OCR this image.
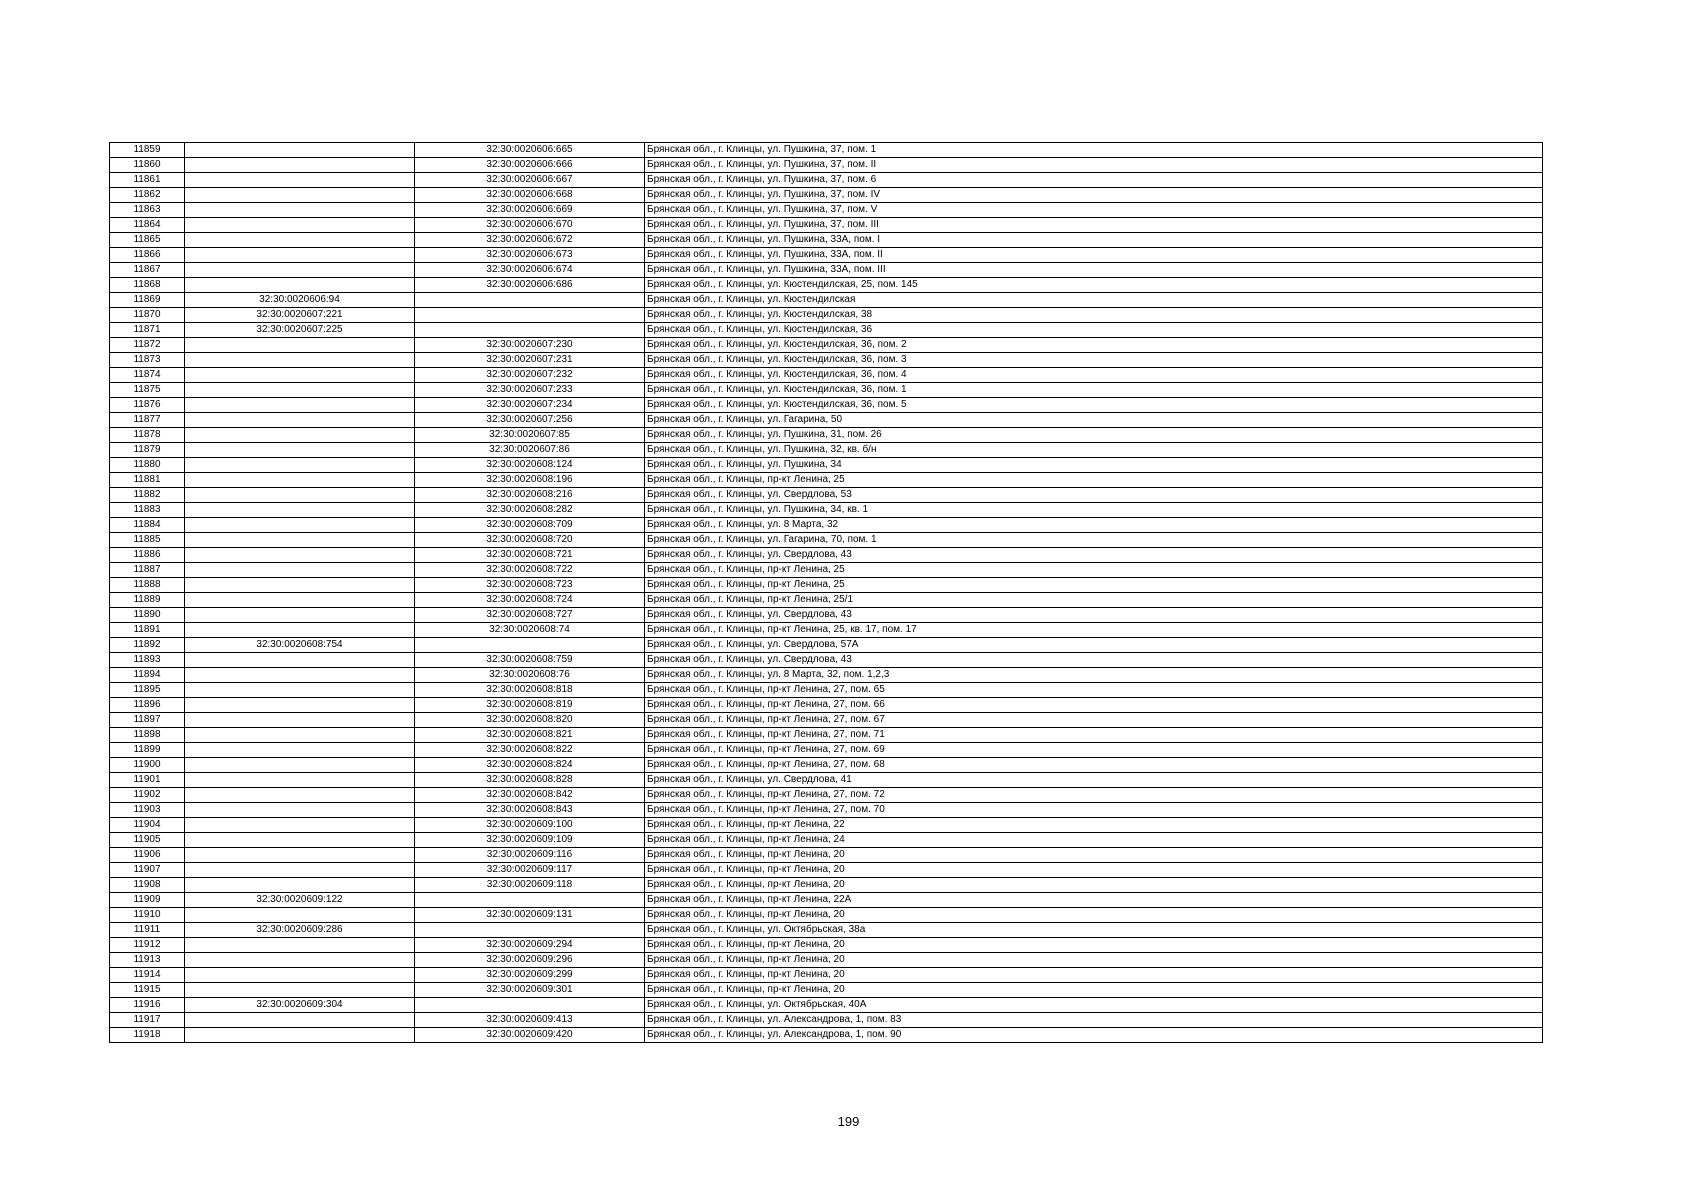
11859		32:30:0020606:665	Брянская обл., г. Клинцы, ул. Пушкина, 37, пом. 1
11860		32:30:0020606:666	Брянская обл., г. Клинцы, ул. Пушкина, 37, пом. II
11861		32:30:0020606:667	Брянская обл., г. Клинцы, ул. Пушкина, 37, пом. 6
11862		32:30:0020606:668	Брянская обл., г. Клинцы, ул. Пушкина, 37, пом. IV
11863		32:30:0020606:669	Брянская обл., г. Клинцы, ул. Пушкина, 37, пом. V
11864		32:30:0020606:670	Брянская обл., г. Клинцы, ул. Пушкина, 37, пом. III
11865		32:30:0020606:672	Брянская обл., г. Клинцы, ул. Пушкина, 33А, пом. I
11866		32:30:0020606:673	Брянская обл., г. Клинцы, ул. Пушкина, 33А, пом. II
11867		32:30:0020606:674	Брянская обл., г. Клинцы, ул. Пушкина, 33А, пом. III
11868		32:30:0020606:686	Брянская обл., г. Клинцы, ул. Кюстендилская, 25, пом. 145
11869	32:30:0020606:94		Брянская обл., г. Клинцы, ул. Кюстендилская
11870	32:30:0020607:221		Брянская обл., г. Клинцы, ул. Кюстендилская, 38
11871	32:30:0020607:225		Брянская обл., г. Клинцы, ул. Кюстендилская, 36
11872		32:30:0020607:230	Брянская обл., г. Клинцы, ул. Кюстендилская, 36, пом. 2
11873		32:30:0020607:231	Брянская обл., г. Клинцы, ул. Кюстендилская, 36, пом. 3
11874		32:30:0020607:232	Брянская обл., г. Клинцы, ул. Кюстендилская, 36, пом. 4
11875		32:30:0020607:233	Брянская обл., г. Клинцы, ул. Кюстендилская, 36, пом. 1
11876		32:30:0020607:234	Брянская обл., г. Клинцы, ул. Кюстендилская, 36, пом. 5
11877		32:30:0020607:256	Брянская обл., г. Клинцы, ул. Гагарина, 50
11878		32:30:0020607:85	Брянская обл., г. Клинцы, ул. Пушкина, 31, пом. 26
11879		32:30:0020607:86	Брянская обл., г. Клинцы, ул. Пушкина, 32, кв. б/н
11880		32:30:0020608:124	Брянская обл., г. Клинцы, ул. Пушкина, 34
11881		32:30:0020608:196	Брянская обл., г. Клинцы, пр-кт Ленина, 25
11882		32:30:0020608:216	Брянская обл., г. Клинцы, ул. Свердлова, 53
11883		32:30:0020608:282	Брянская обл., г. Клинцы, ул. Пушкина, 34, кв. 1
11884		32:30:0020608:709	Брянская обл., г. Клинцы, ул. 8 Марта, 32
11885		32:30:0020608:720	Брянская обл., г. Клинцы, ул. Гагарина, 70, пом. 1
11886		32:30:0020608:721	Брянская обл., г. Клинцы, ул. Свердлова, 43
11887		32:30:0020608:722	Брянская обл., г. Клинцы, пр-кт Ленина, 25
11888		32:30:0020608:723	Брянская обл., г. Клинцы, пр-кт Ленина, 25
11889		32:30:0020608:724	Брянская обл., г. Клинцы, пр-кт Ленина, 25/1
11890		32:30:0020608:727	Брянская обл., г. Клинцы, ул. Свердлова, 43
11891		32:30:0020608:74	Брянская обл., г. Клинцы, пр-кт Ленина, 25, кв. 17, пом. 17
11892	32:30:0020608:754		Брянская обл., г. Клинцы, ул. Свердлова, 57А
11893		32:30:0020608:759	Брянская обл., г. Клинцы, ул. Свердлова, 43
11894		32:30:0020608:76	Брянская обл., г. Клинцы, ул. 8 Марта, 32, пом. 1,2,3
11895		32:30:0020608:818	Брянская обл., г. Клинцы, пр-кт Ленина, 27, пом. 65
11896		32:30:0020608:819	Брянская обл., г. Клинцы, пр-кт Ленина, 27, пом. 66
11897		32:30:0020608:820	Брянская обл., г. Клинцы, пр-кт Ленина, 27, пом. 67
11898		32:30:0020608:821	Брянская обл., г. Клинцы, пр-кт Ленина, 27, пом. 71
11899		32:30:0020608:822	Брянская обл., г. Клинцы, пр-кт Ленина, 27, пом. 69
11900		32:30:0020608:824	Брянская обл., г. Клинцы, пр-кт Ленина, 27, пом. 68
11901		32:30:0020608:828	Брянская обл., г. Клинцы, ул. Свердлова, 41
11902		32:30:0020608:842	Брянская обл., г. Клинцы, пр-кт Ленина, 27, пом. 72
11903		32:30:0020608:843	Брянская обл., г. Клинцы, пр-кт Ленина, 27, пом. 70
11904		32:30:0020609:100	Брянская обл., г. Клинцы, пр-кт Ленина, 22
11905		32:30:0020609:109	Брянская обл., г. Клинцы, пр-кт Ленина, 24
11906		32:30:0020609:116	Брянская обл., г. Клинцы, пр-кт Ленина, 20
11907		32:30:0020609:117	Брянская обл., г. Клинцы, пр-кт Ленина, 20
11908		32:30:0020609:118	Брянская обл., г. Клинцы, пр-кт Ленина, 20
11909	32:30:0020609:122		Брянская обл., г. Клинцы, пр-кт Ленина, 22А
11910		32:30:0020609:131	Брянская обл., г. Клинцы, пр-кт Ленина, 20
11911	32:30:0020609:286		Брянская обл., г. Клинцы, ул. Октябрьская, 38а
11912		32:30:0020609:294	Брянская обл., г. Клинцы, пр-кт Ленина, 20
11913		32:30:0020609:296	Брянская обл., г. Клинцы, пр-кт Ленина, 20
11914		32:30:0020609:299	Брянская обл., г. Клинцы, пр-кт Ленина, 20
11915		32:30:0020609:301	Брянская обл., г. Клинцы, пр-кт Ленина, 20
11916	32:30:0020609:304		Брянская обл., г. Клинцы, ул. Октябрьская, 40А
11917		32:30:0020609:413	Брянская обл., г. Клинцы, ул. Александрова, 1, пом. 83
11918		32:30:0020609:420	Брянская обл., г. Клинцы, ул. Александрова, 1, пом. 90
199
